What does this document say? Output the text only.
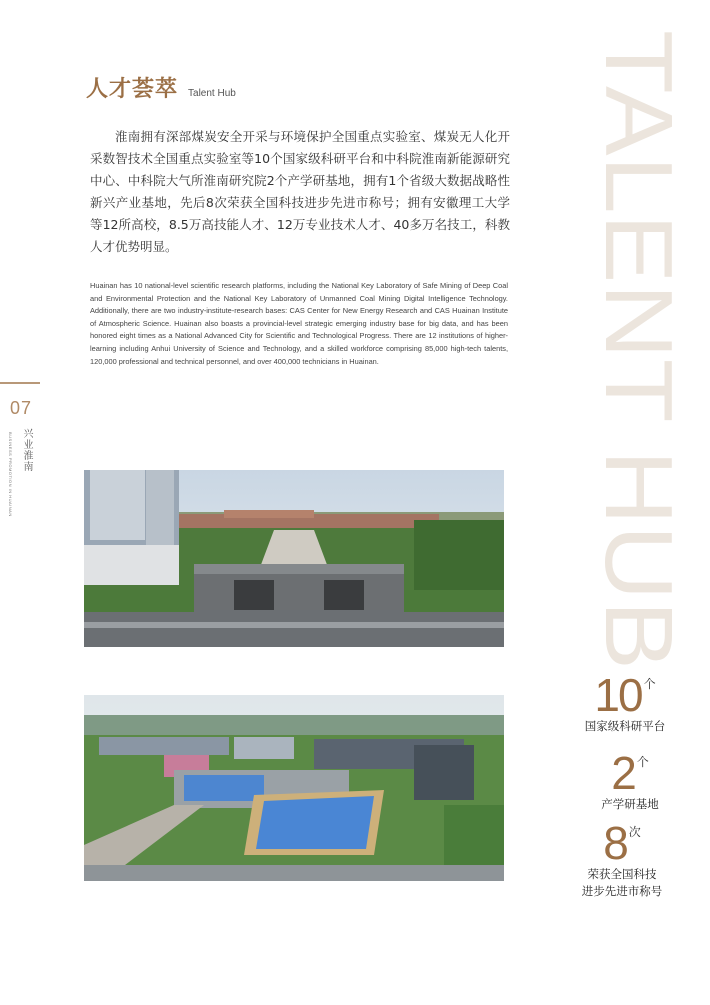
TALENT HUB
人才荟萃 Talent Hub

淮南拥有深部煤炭安全开采与环境保护全国重点实验室、煤炭无人化开采数智技术全国重点实验室等10个国家级科研平台和中科院淮南新能源研究中心、中科院大气所淮南研究院2个产学研基地，拥有1个省级大数据战略性新兴产业基地，先后8次荣获全国科技进步先进市称号；拥有安徽理工大学等12所高校，8.5万高技能人才、12万专业技术人才、40多万名技工，科教人才优势明显。

Huainan has 10 national-level scientific research platforms, including the National Key Laboratory of Safe Mining of Deep Coal and Environmental Protection and the National Key Laboratory of Unmanned Coal Mining Digital Intelligence Technology. Additionally, there are two industry-institute-research bases: CAS Center for New Energy Research and CAS Huainan Institute of Atmospheric Science. Huainan also boasts a provincial-level strategic emerging industry base for big data, and has been honored eight times as a National Advanced City for Scientific and Technological Progress. There are 12 institutions of higher-learning including Anhui University of Science and Technology, and a skilled workforce comprising 85,000 high-tech talents, 120,000 professional and technical personnel, and over 400,000 technicians in Huainan.

07
兴业淮南
BUSINESS PROMOTION IN HUAINAN
10 个
国家级科研平台
2 个
产学研基地
8 次
荣获全国科技
进步先进市称号
